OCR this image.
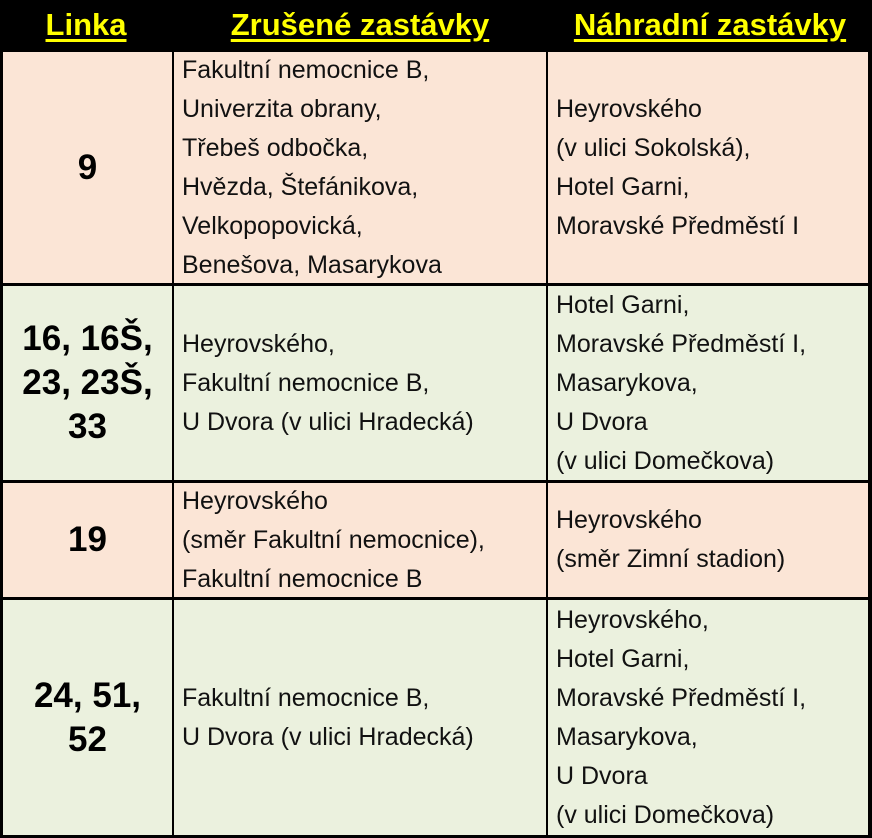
Linka	Zrušené zastávky	Náhradní zastávky
9
Fakultní nemocnice B,
Univerzita obrany,
Třebeš odbočka,
Hvězda, Štefánikova,
Velkopopovická,
Benešova, Masarykova
Heyrovského
(v ulici Sokolská),
Hotel Garni,
Moravské Předměstí I
16, 16Š,
23, 23Š,
33
Heyrovského,
Fakultní nemocnice B,
U Dvora (v ulici Hradecká)
Hotel Garni,
Moravské Předměstí I,
Masarykova,
U Dvora
(v ulici Domečkova)
19
Heyrovského
(směr Fakultní nemocnice),
Fakultní nemocnice B
Heyrovského
(směr Zimní stadion)
24, 51,
52
Fakultní nemocnice B,
U Dvora (v ulici Hradecká)
Heyrovského,
Hotel Garni,
Moravské Předměstí I,
Masarykova,
U Dvora
(v ulici Domečkova)
